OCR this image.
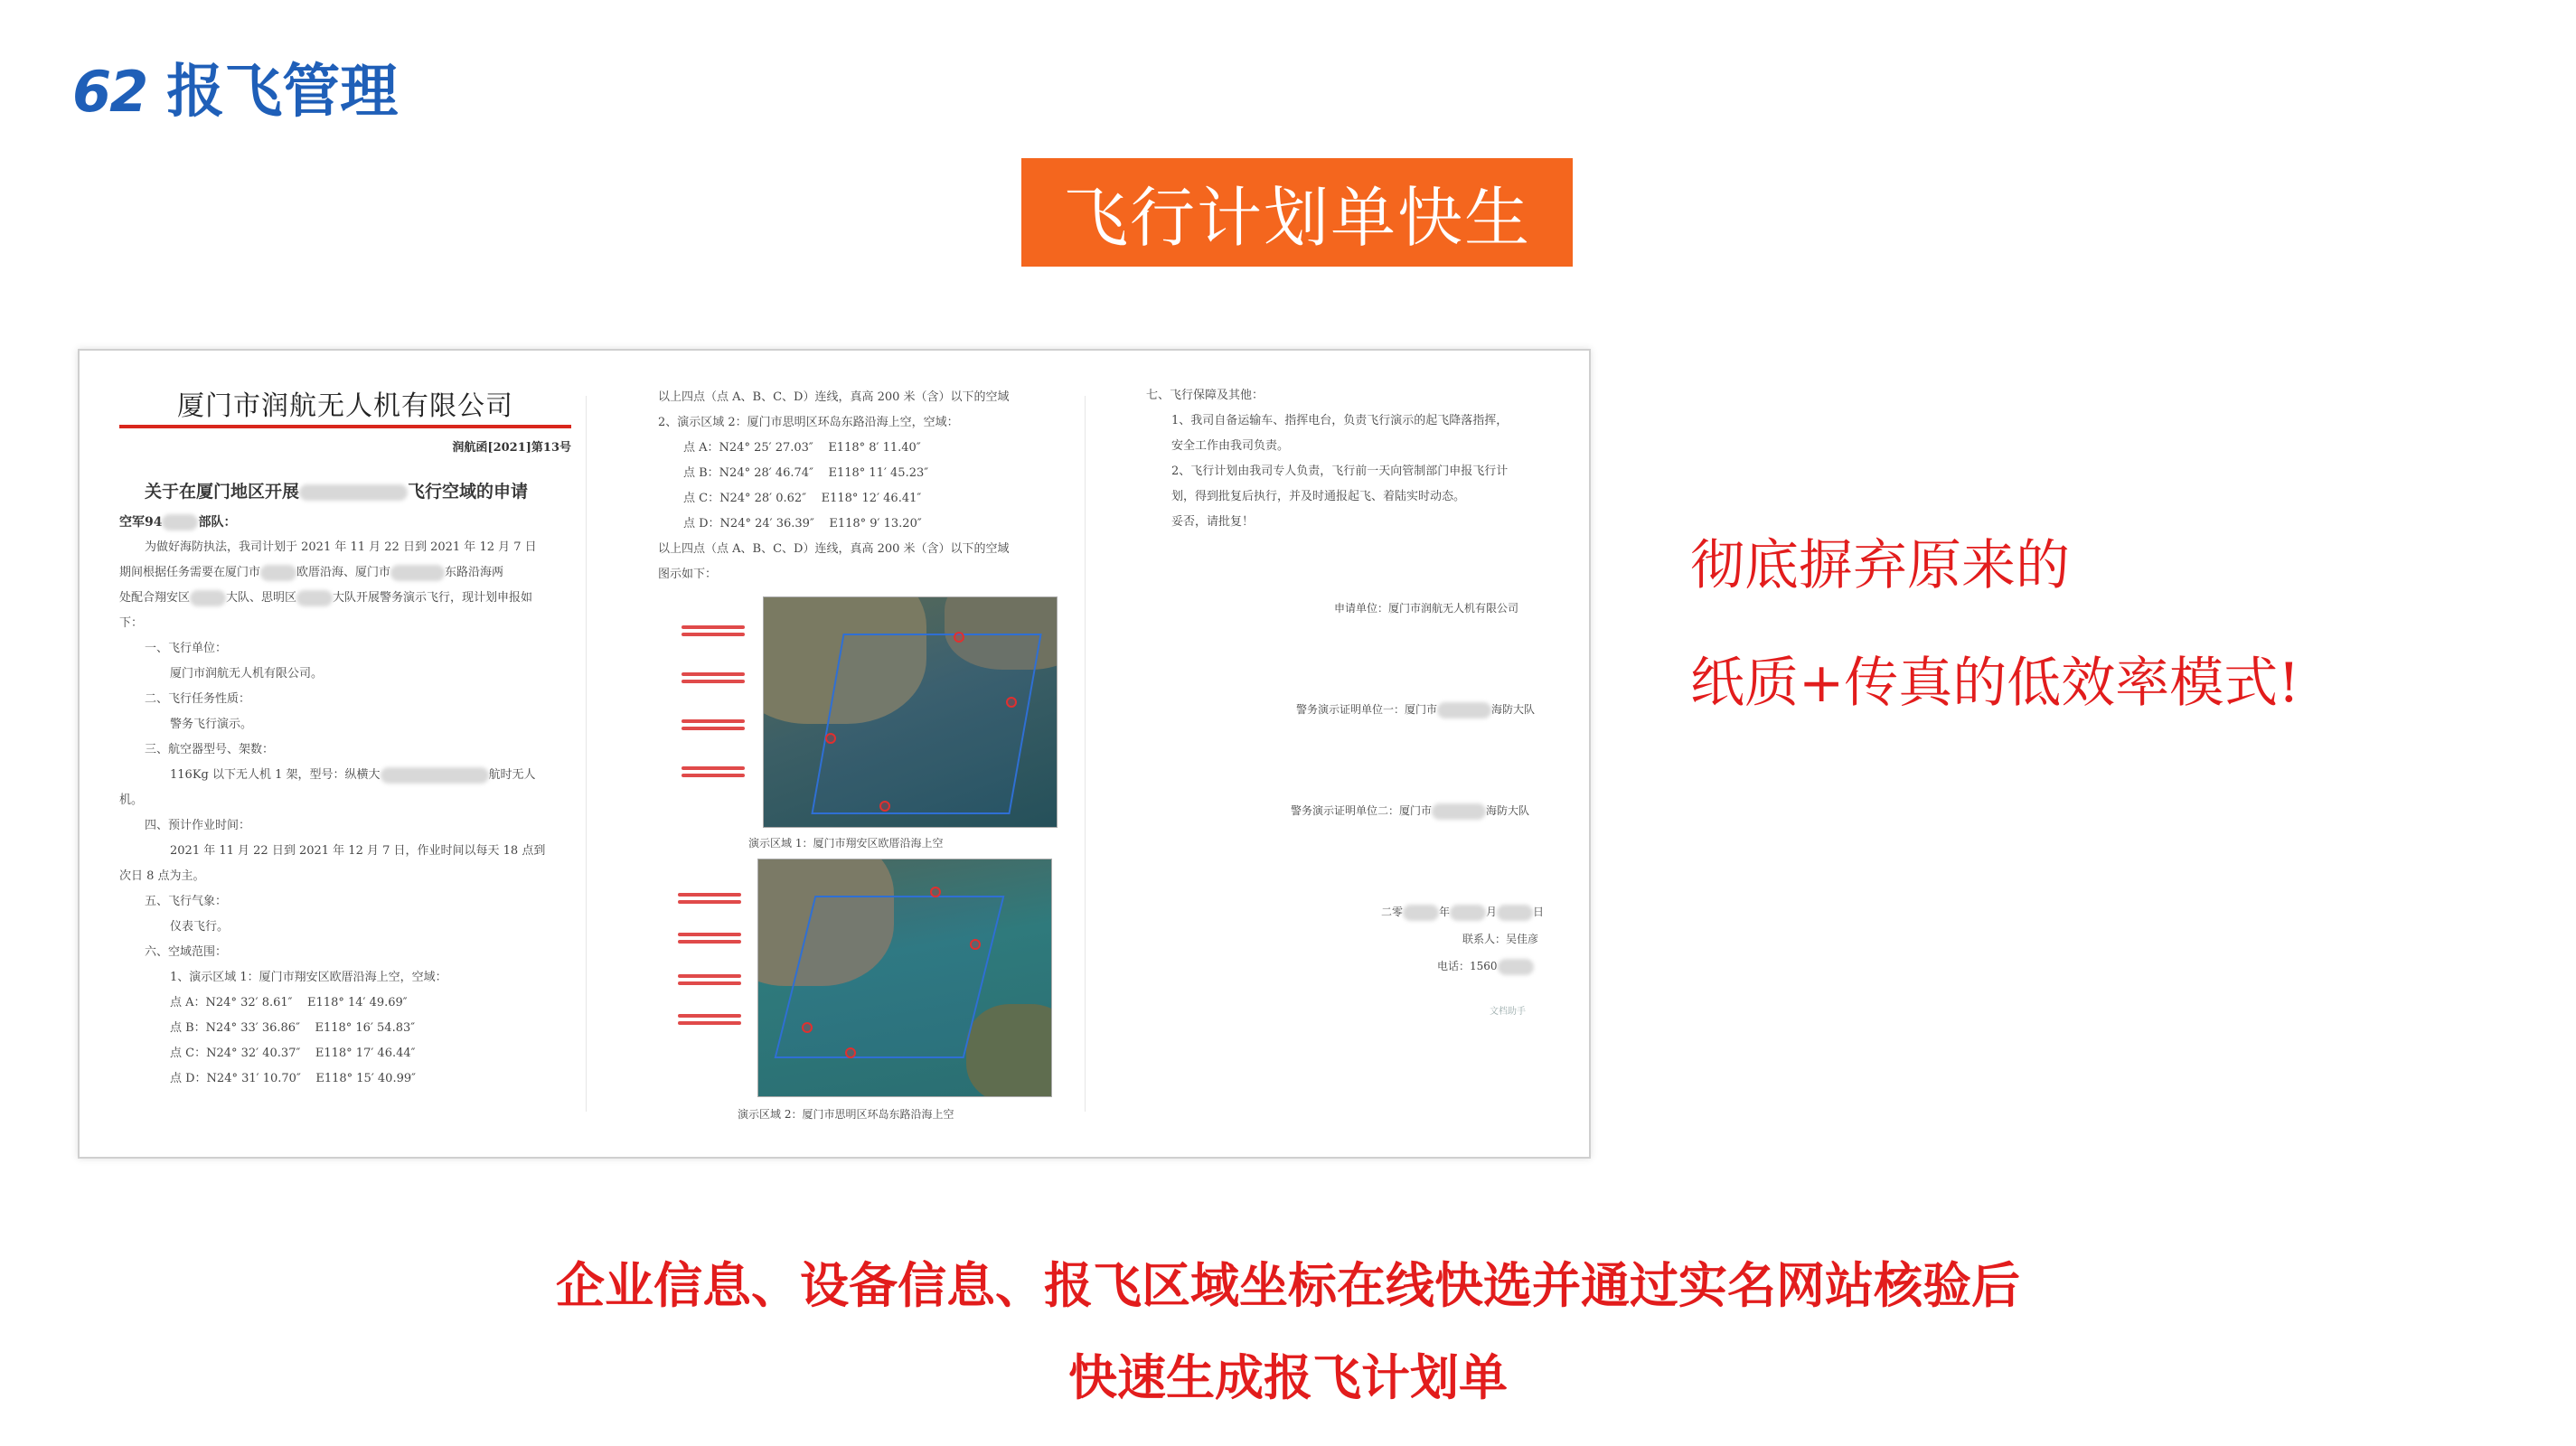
62 报飞管理
飞行计划单快生
厦门市润航无人机有限公司
润航函[2021]第13号
关于在厦门地区开展	飞行空域的申请

空军94	部队：

为做好海防执法，我司计划于 2021 年 11 月 22 日到 2021 年 12 月 7 日

期间根据任务需要在厦门市	欧厝沿海、厦门市	东路沿海两

处配合翔安区	大队、思明区	大队开展警务演示飞行，现计划申报如

下：

一、飞行单位：

厦门市润航无人机有限公司。

二、飞行任务性质：

警务飞行演示。

三、航空器型号、架数：

116Kg 以下无人机 1 架，型号：纵横大	航时无人

机。

四、预计作业时间：

2021 年 11 月 22 日到 2021 年 12 月 7 日，作业时间以每天 18 点到

次日 8 点为主。

五、飞行气象：

仪表飞行。

六、空域范围：

1、演示区域 1：厦门市翔安区欧厝沿海上空，空域：

点 A：N24° 32′ 8.61″ E118° 14′ 49.69″

点 B：N24° 33′ 36.86″ E118° 16′ 54.83″

点 C：N24° 32′ 40.37″ E118° 17′ 46.44″

点 D：N24° 31′ 10.70″ E118° 15′ 40.99″

以上四点（点 A、B、C、D）连线，真高 200 米（含）以下的空域

2、演示区域 2：厦门市思明区环岛东路沿海上空，空域：

点 A：N24° 25′ 27.03″ E118° 8′ 11.40″

点 B：N24° 28′ 46.74″ E118° 11′ 45.23″

点 C：N24° 28′ 0.62″ E118° 12′ 46.41″

点 D：N24° 24′ 36.39″ E118° 9′ 13.20″

以上四点（点 A、B、C、D）连线，真高 200 米（含）以下的空域

图示如下：

演示区域 1：厦门市翔安区欧厝沿海上空
演示区域 2：厦门市思明区环岛东路沿海上空

七、飞行保障及其他：

1、我司自备运输车、指挥电台，负责飞行演示的起飞降落指挥，

安全工作由我司负责。

2、飞行计划由我司专人负责，飞行前一天向管制部门申报飞行计

划，得到批复后执行，并及时通报起飞、着陆实时动态。

妥否，请批复！

申请单位：厦门市润航无人机有限公司
警务演示证明单位一：厦门市	海防大队
警务演示证明单位二：厦门市	海防大队
二零	年	月	日
联系人：吴佳彦
电话：1560
文档助手
彻底摒弃原来的
纸质+传真的低效率模式!
企业信息、设备信息、报飞区域坐标在线快选并通过实名网站核验后
快速生成报飞计划单
